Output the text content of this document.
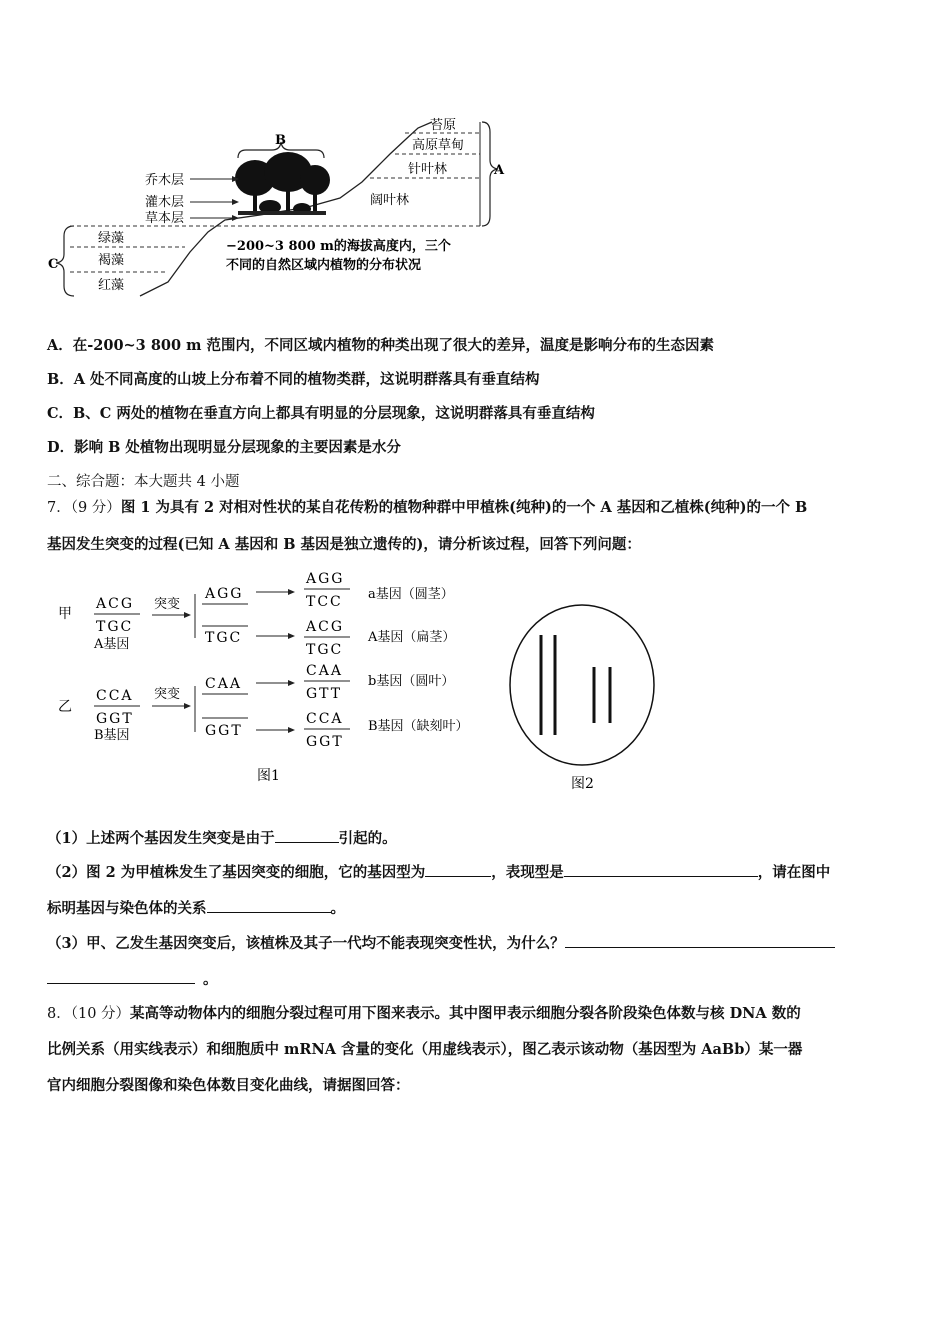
C
绿藻
褐藻
红藻
B
乔木层
灌木层
草本层
苔原
高原草甸
针叶林
阔叶林
A
−200~3 800 m的海拔高度内，三个
不同的自然区域内植物的分布状况
A．在-200~3 800 m 范围内，不同区域内植物的种类出现了很大的差异，温度是影响分布的生态因素
B．A 处不同高度的山坡上分布着不同的植物类群，这说明群落具有垂直结构
C．B、C 两处的植物在垂直方向上都具有明显的分层现象，这说明群落具有垂直结构
D．影响 B 处植物出现明显分层现象的主要因素是水分
二、综合题：本大题共 4 小题
7．（9 分）图 1 为具有 2 对相对性状的某自花传粉的植物种群中甲植株(纯种)的一个 A 基因和乙植株(纯种)的一个 B
基因发生突变的过程(已知 A 基因和 B 基因是独立遗传的)，请分析该过程，回答下列问题：
甲
乙
ACG
TGC
A基因
突变
CCA
GGT
B基因
突变
AGG
AGG
TCC a基因（圆茎）
TGC
ACG
TGC
A基因（扁茎）
CAA
CAA
GTT
b基因（圆叶）
GGT
CCA
GGT
B基因（缺刻叶）
图1	图2
（1）上述两个基因发生突变是由于	引起的。
（2）图 2 为甲植株发生了基因突变的细胞，它的基因型为	，表现型是	，请在图中
标明基因与染色体的关系	。
（3）甲、乙发生基因突变后，该植株及其子一代均不能表现突变性状，为什么？
。
8．（10 分）某高等动物体内的细胞分裂过程可用下图来表示。其中图甲表示细胞分裂各阶段染色体数与核 DNA 数的
比例关系（用实线表示）和细胞质中 mRNA 含量的变化（用虚线表示），图乙表示该动物（基因型为 AaBb）某一器
官内细胞分裂图像和染色体数目变化曲线，请据图回答：
